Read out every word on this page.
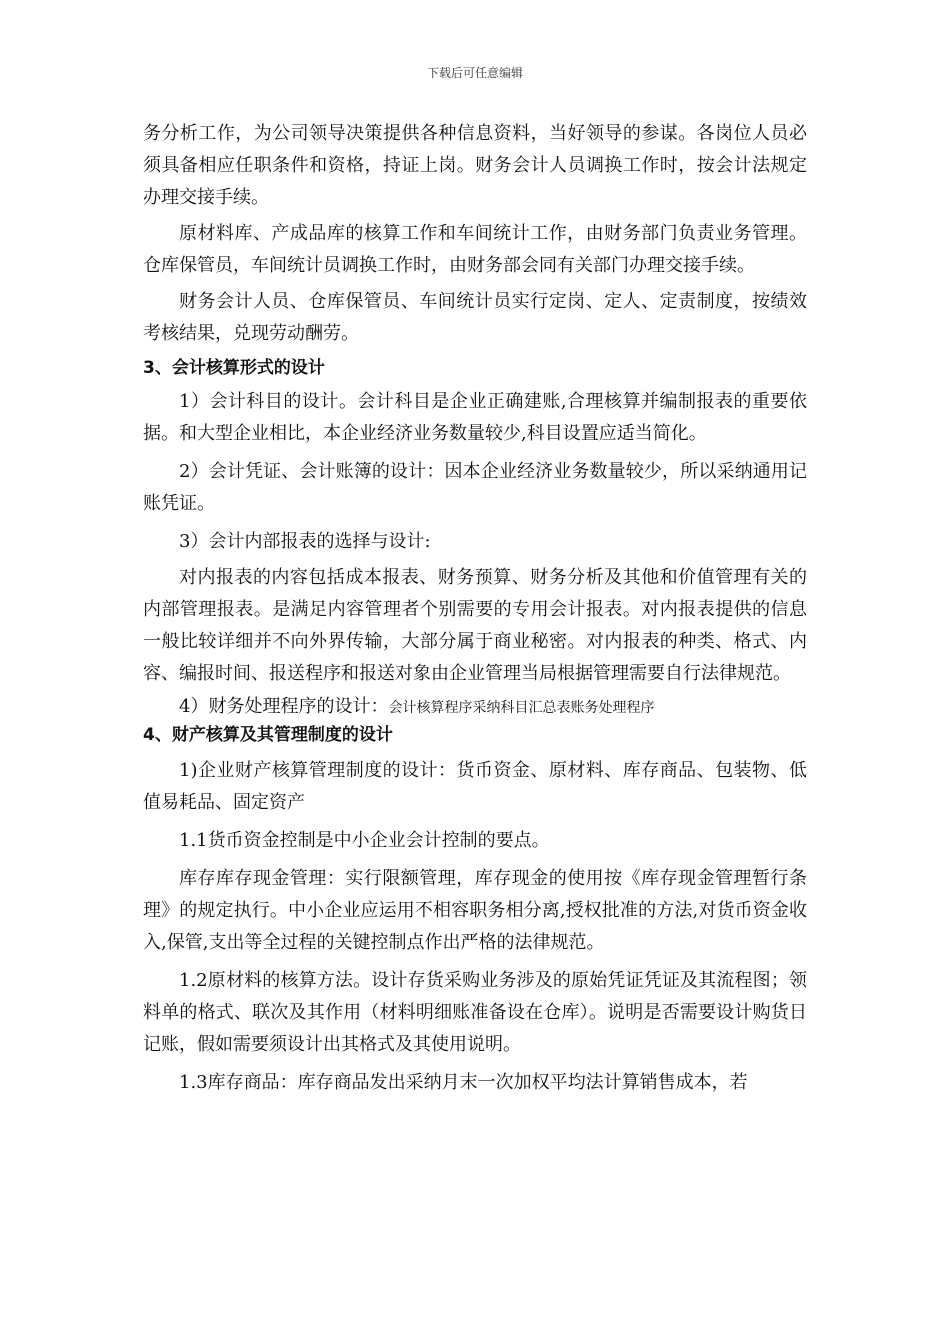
下载后可任意编辑

务分析工作，为公司领导决策提供各种信息资料，当好领导的参谋。各岗位人员必须具备相应任职条件和资格，持证上岗。财务会计人员调换工作时，按会计法规定办理交接手续。

原材料库、产成品库的核算工作和车间统计工作，由财务部门负责业务管理。仓库保管员，车间统计员调换工作时，由财务部会同有关部门办理交接手续。

财务会计人员、仓库保管员、车间统计员实行定岗、定人、定责制度，按绩效考核结果，兑现劳动酬劳。

3、会计核算形式的设计

1）会计科目的设计。会计科目是企业正确建账,合理核算并编制报表的重要依据。和大型企业相比，本企业经济业务数量较少,科目设置应适当简化。

2）会计凭证、会计账簿的设计：因本企业经济业务数量较少，所以采纳通用记账凭证。

3）会计内部报表的选择与设计:

对内报表的内容包括成本报表、财务预算、财务分析及其他和价值管理有关的内部管理报表。是满足内容管理者个别需要的专用会计报表。对内报表提供的信息一般比较详细并不向外界传输，大部分属于商业秘密。对内报表的种类、格式、内容、编报时间、报送程序和报送对象由企业管理当局根据管理需要自行法律规范。

4）财务处理程序的设计：会计核算程序采纳科目汇总表账务处理程序

4、财产核算及其管理制度的设计

1)企业财产核算管理制度的设计：货币资金、原材料、库存商品、包装物、低值易耗品、固定资产

1.1货币资金控制是中小企业会计控制的要点。

库存库存现金管理：实行限额管理，库存现金的使用按《库存现金管理暂行条理》的规定执行。中小企业应运用不相容职务相分离,授权批准的方法,对货币资金收入,保管,支出等全过程的关键控制点作出严格的法律规范。

1.2原材料的核算方法。设计存货采购业务涉及的原始凭证凭证及其流程图；领料单的格式、联次及其作用（材料明细账准备设在仓库）。说明是否需要设计购货日记账，假如需要须设计出其格式及其使用说明。

1.3库存商品：库存商品发出采纳月末一次加权平均法计算销售成本，若
